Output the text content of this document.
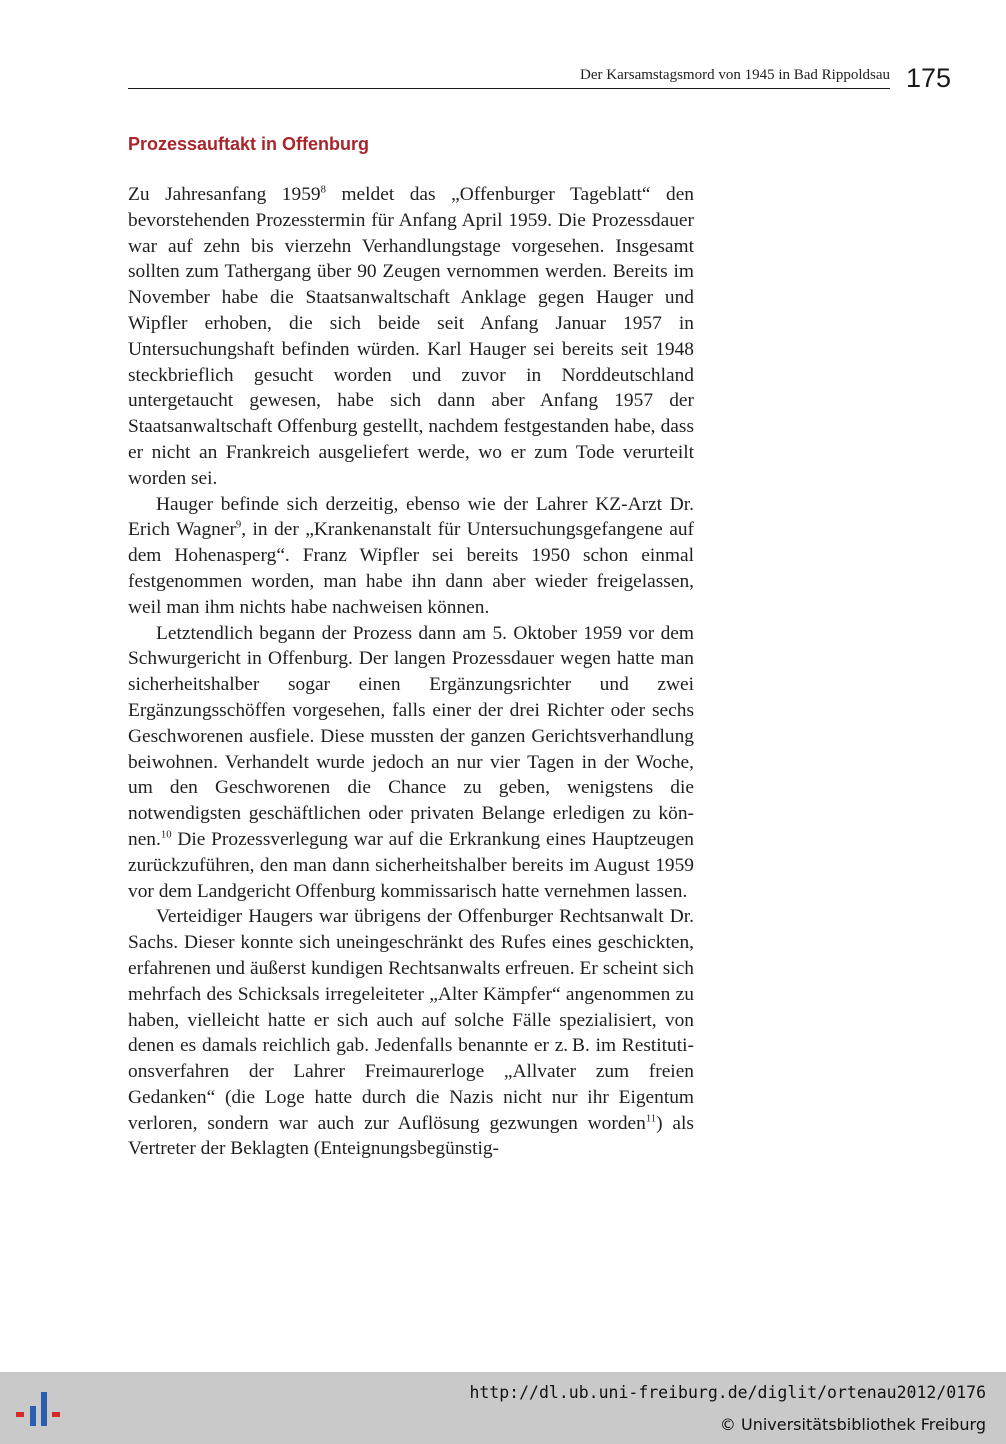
Der Karsamstagsmord von 1945 in Bad Rippoldsau 175
Prozessauftakt in Offenburg

Zu Jahresanfang 1959$^8$ meldet das „Offenburger Tageblatt“ den bevorstehenden Prozesstermin für Anfang April 1959. Die Prozessdauer war auf zehn bis vierzehn Verhandlungstage vorgesehen. Insgesamt sollten zum Tathergang über 90 Zeugen vernommen werden. Bereits im November habe die Staatsanwaltschaft Anklage gegen Hauger und Wipfler erhoben, die sich beide seit Anfang Januar 1957 in Untersuchungshaft befinden würden. Karl Hauger sei bereits seit 1948 steckbrieflich gesucht worden und zuvor in Norddeutschland untergetaucht gewesen, habe sich dann aber Anfang 1957 der Staatsanwaltschaft Offenburg gestellt, nachdem festgestanden habe, dass er nicht an Frankreich ausgeliefert werde, wo er zum Tode verurteilt worden sei.

Hauger befinde sich derzeitig, ebenso wie der Lahrer KZ-Arzt Dr. Erich Wagner$^9$, in der „Krankenanstalt für Untersuchungsgefangene auf dem Hohenasperg“. Franz Wipfler sei bereits 1950 schon einmal festgenommen worden, man habe ihn dann aber wieder freigelassen, weil man ihm nichts habe nachweisen können.

Letztendlich begann der Prozess dann am 5. Oktober 1959 vor dem Schwurgericht in Offenburg. Der langen Prozessdauer wegen hatte man sicherheitshalber sogar einen Ergänzungsrichter und zwei Ergänzungsschöffen vorgesehen, falls einer der drei Richter oder sechs Geschworenen ausfiele. Diese mussten der ganzen Gerichtsverhandlung beiwohnen. Verhandelt wurde jedoch an nur vier Tagen in der Woche, um den Geschworenen die Chance zu geben, wenigstens die notwendigsten geschäftlichen oder privaten Belange erledigen zu können.$^{10}$ Die Prozessverlegung war auf die Erkrankung eines Hauptzeugen zurückzuführen, den man dann sicherheitshalber bereits im August 1959 vor dem Landgericht Offenburg kommissarisch hatte vernehmen lassen.

Verteidiger Haugers war übrigens der Offenburger Rechtsanwalt Dr. Sachs. Dieser konnte sich uneingeschränkt des Rufes eines geschickten, erfahrenen und äußerst kundigen Rechtsanwalts erfreuen. Er scheint sich mehrfach des Schicksals irregeleiteter „Alter Kämpfer“ angenommen zu haben, vielleicht hatte er sich auch auf solche Fälle spezialisiert, von denen es damals reichlich gab. Jedenfalls benannte er z. B. im Restitutionsverfahren der Lahrer Freimaurerloge „Allvater zum freien Gedanken“ (die Loge hatte durch die Nazis nicht nur ihr Eigentum verloren, sondern war auch zur Auflösung gezwungen worden$^{11}$) als Vertreter der Beklagten (Enteignungsbegünstig-

http://dl.ub.uni-freiburg.de/diglit/ortenau2012/0176
© Universitätsbibliothek Freiburg
